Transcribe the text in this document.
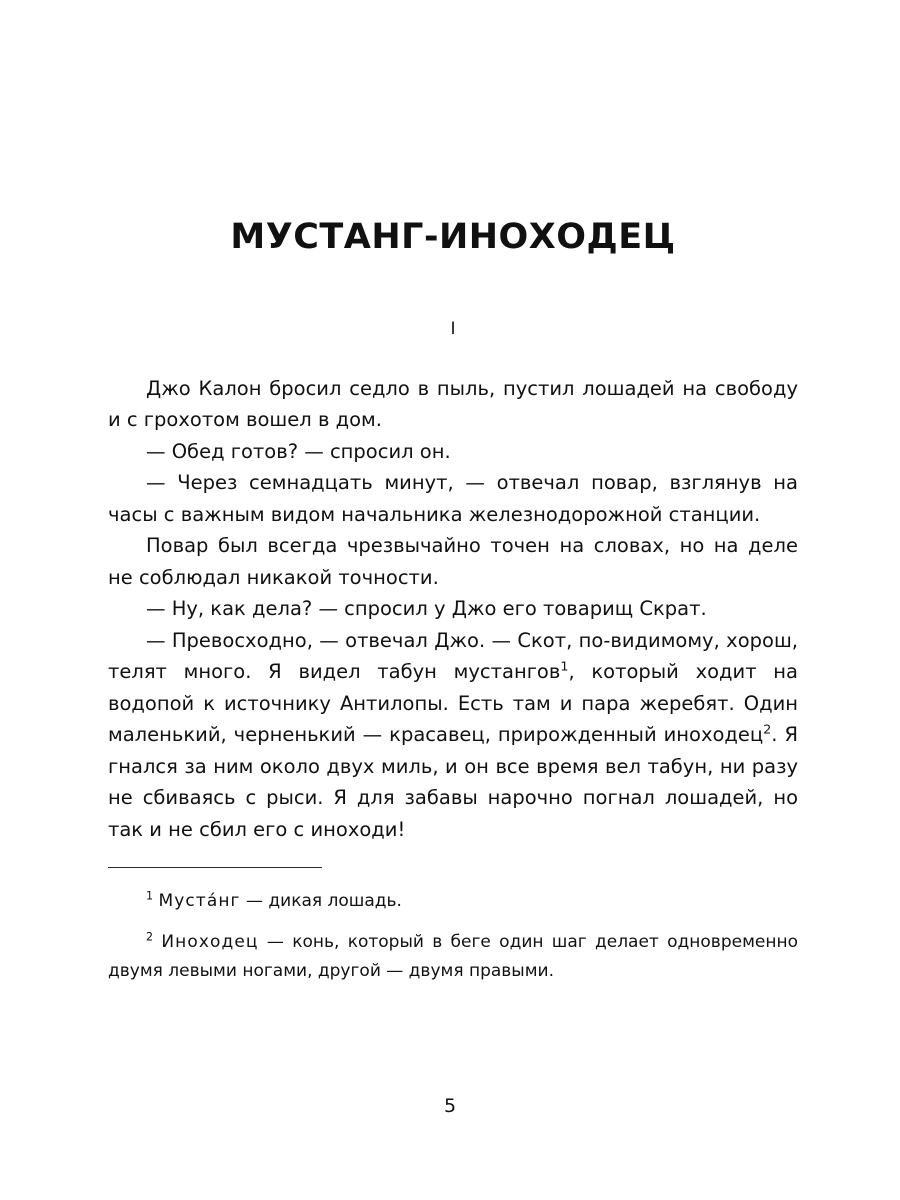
МУСТАНГ-ИНОХОДЕЦ
I

Джо Калон бросил седло в пыль, пустил лошадей на свободу и с грохотом вошел в дом.

— Обед готов? — спросил он.

— Через семнадцать минут, — отвечал повар, взглянув на часы с важным видом начальника железнодорожной станции.

Повар был всегда чрезвычайно точен на словах, но на деле не соблюдал никакой точности.

— Ну, как дела? — спросил у Джо его товарищ Скрат.

— Превосходно, — отвечал Джо. — Скот, по-видимому, хорош, телят много. Я видел табун мустангов$^1$, который ходит на водопой к источнику Антилопы. Есть там и пара жеребят. Один маленький, черненький — красавец, прирожденный иноходец$^2$. Я гнался за ним около двух миль, и он все время вел табун, ни разу не сбиваясь с рыси. Я для забавы нарочно погнал лошадей, но так и не сбил его с иноходи!

$^1$ Муста́нг — дикая лошадь.

$^2$ Иноходец — конь, который в беге один шаг делает одновременно двумя левыми ногами, другой — двумя правыми.

5
